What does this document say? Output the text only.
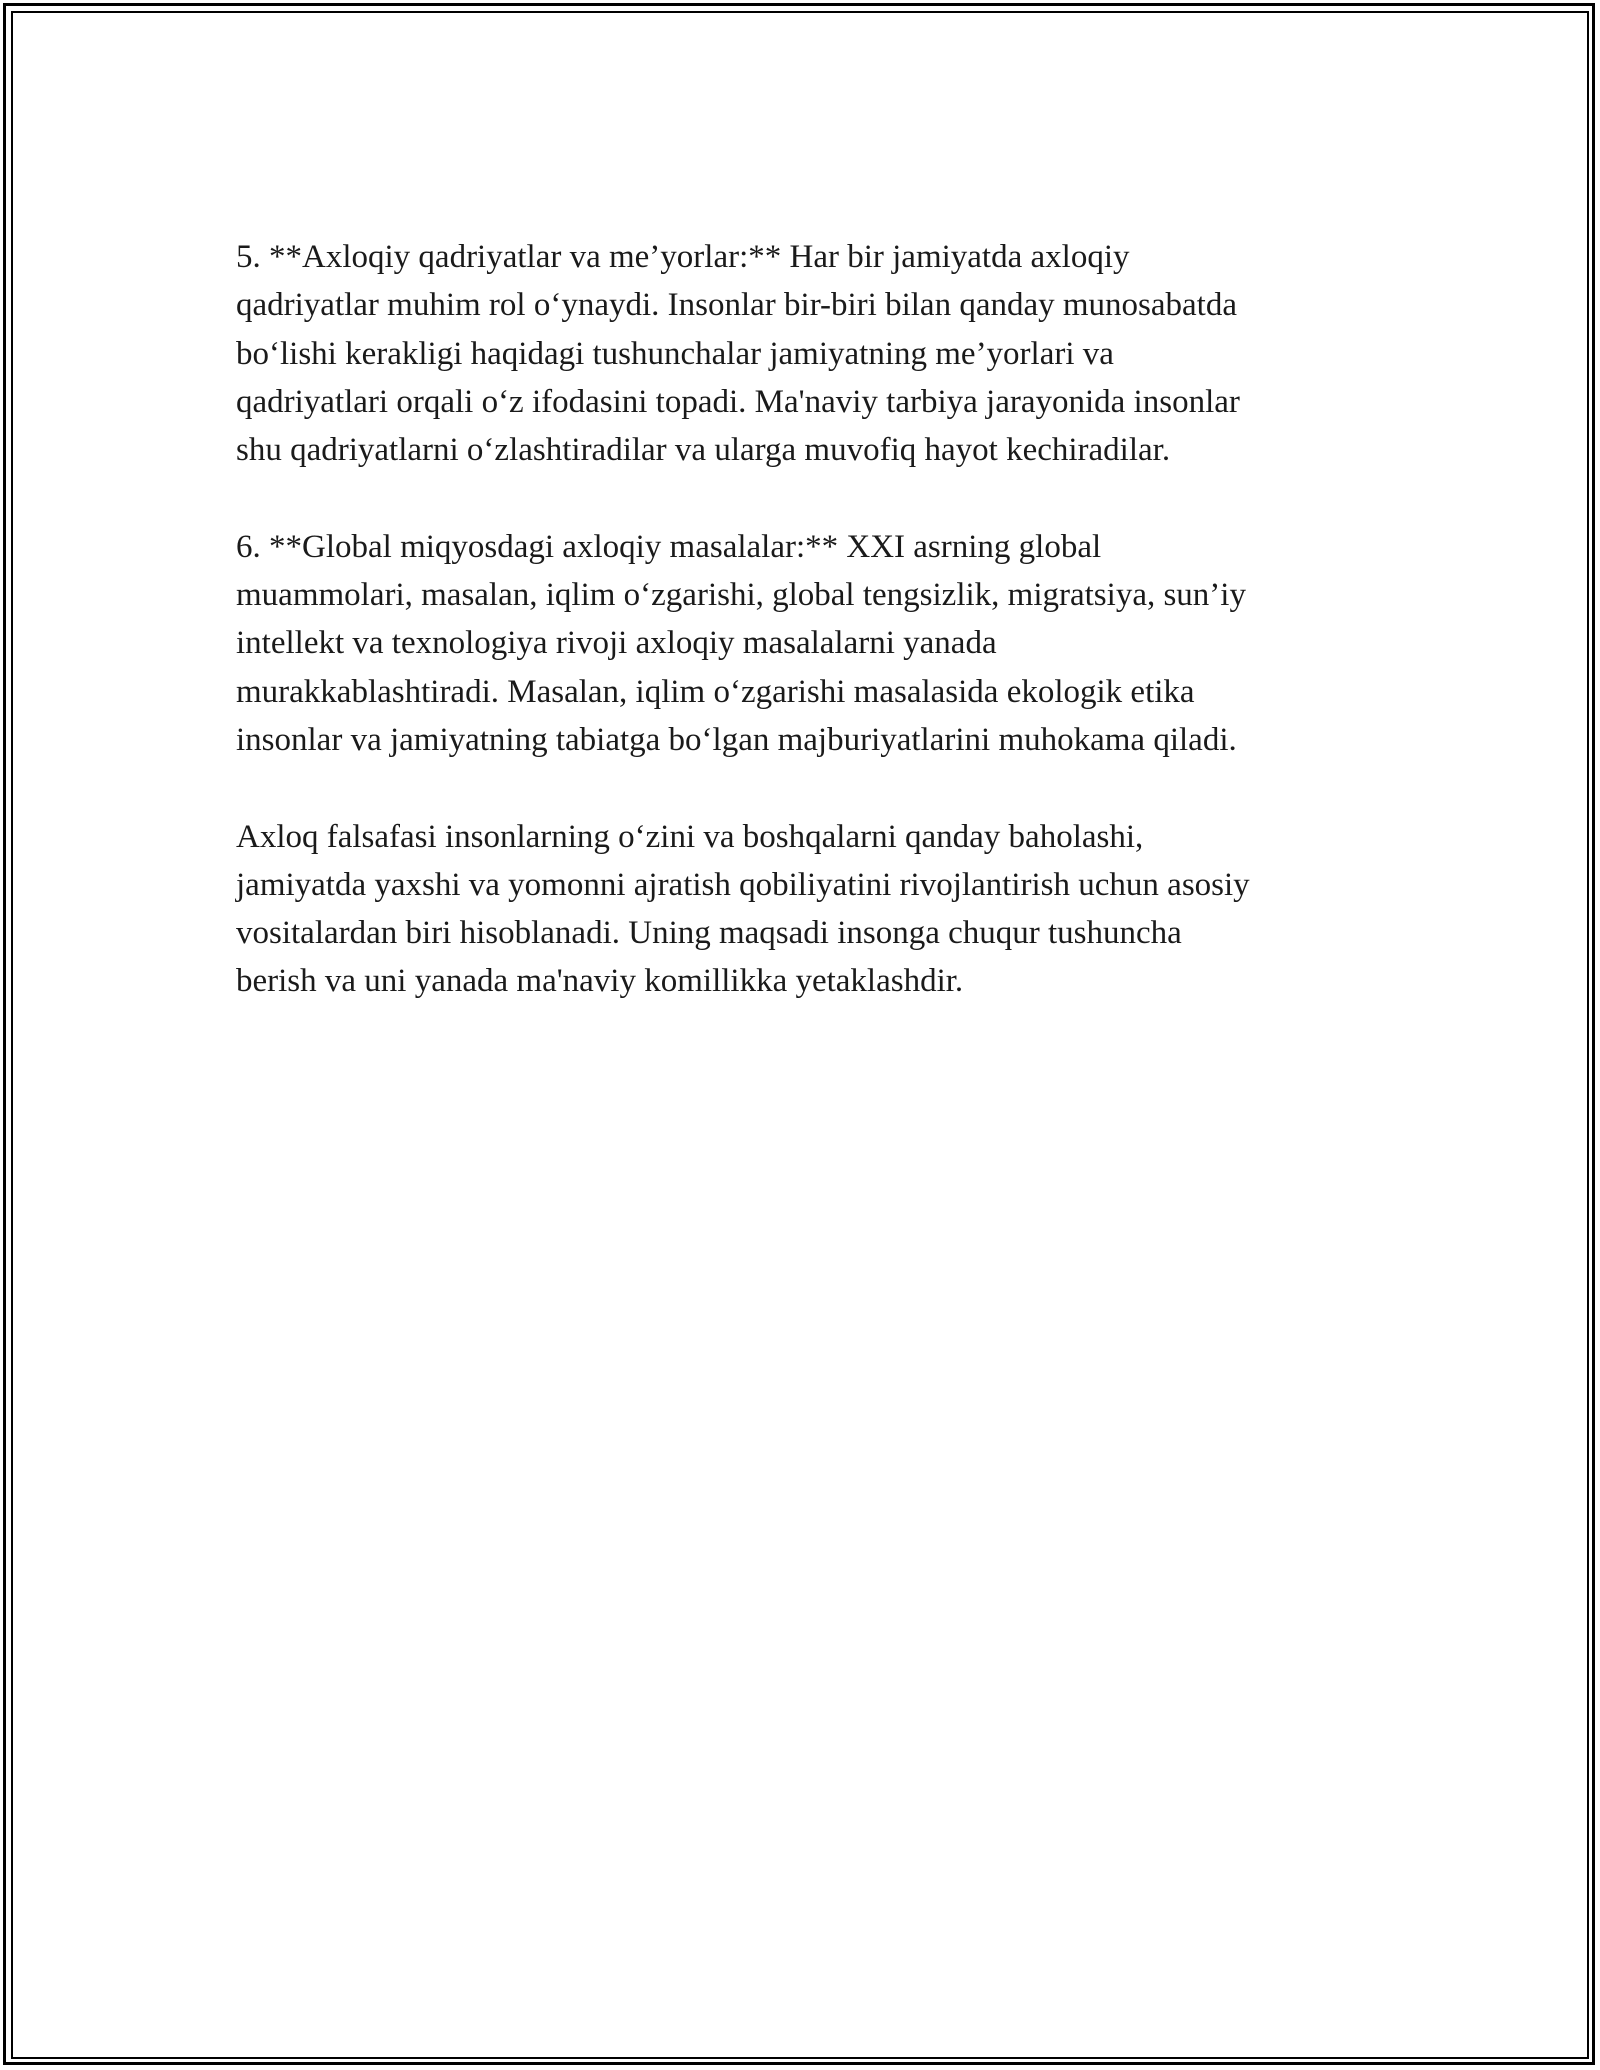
5. **Axloqiy qadriyatlar va me’yorlar:** Har bir jamiyatda axloqiy
qadriyatlar muhim rol o‘ynaydi. Insonlar bir-biri bilan qanday munosabatda
bo‘lishi kerakligi haqidagi tushunchalar jamiyatning me’yorlari va
qadriyatlari orqali o‘z ifodasini topadi. Ma'naviy tarbiya jarayonida insonlar
shu qadriyatlarni o‘zlashtiradilar va ularga muvofiq hayot kechiradilar.

6. **Global miqyosdagi axloqiy masalalar:** XXI asrning global
muammolari, masalan, iqlim o‘zgarishi, global tengsizlik, migratsiya, sun’iy
intellekt va texnologiya rivoji axloqiy masalalarni yanada
murakkablashtiradi. Masalan, iqlim o‘zgarishi masalasida ekologik etika
insonlar va jamiyatning tabiatga bo‘lgan majburiyatlarini muhokama qiladi.

Axloq falsafasi insonlarning o‘zini va boshqalarni qanday baholashi,
jamiyatda yaxshi va yomonni ajratish qobiliyatini rivojlantirish uchun asosiy
vositalardan biri hisoblanadi. Uning maqsadi insonga chuqur tushuncha
berish va uni yanada ma'naviy komillikka yetaklashdir.
